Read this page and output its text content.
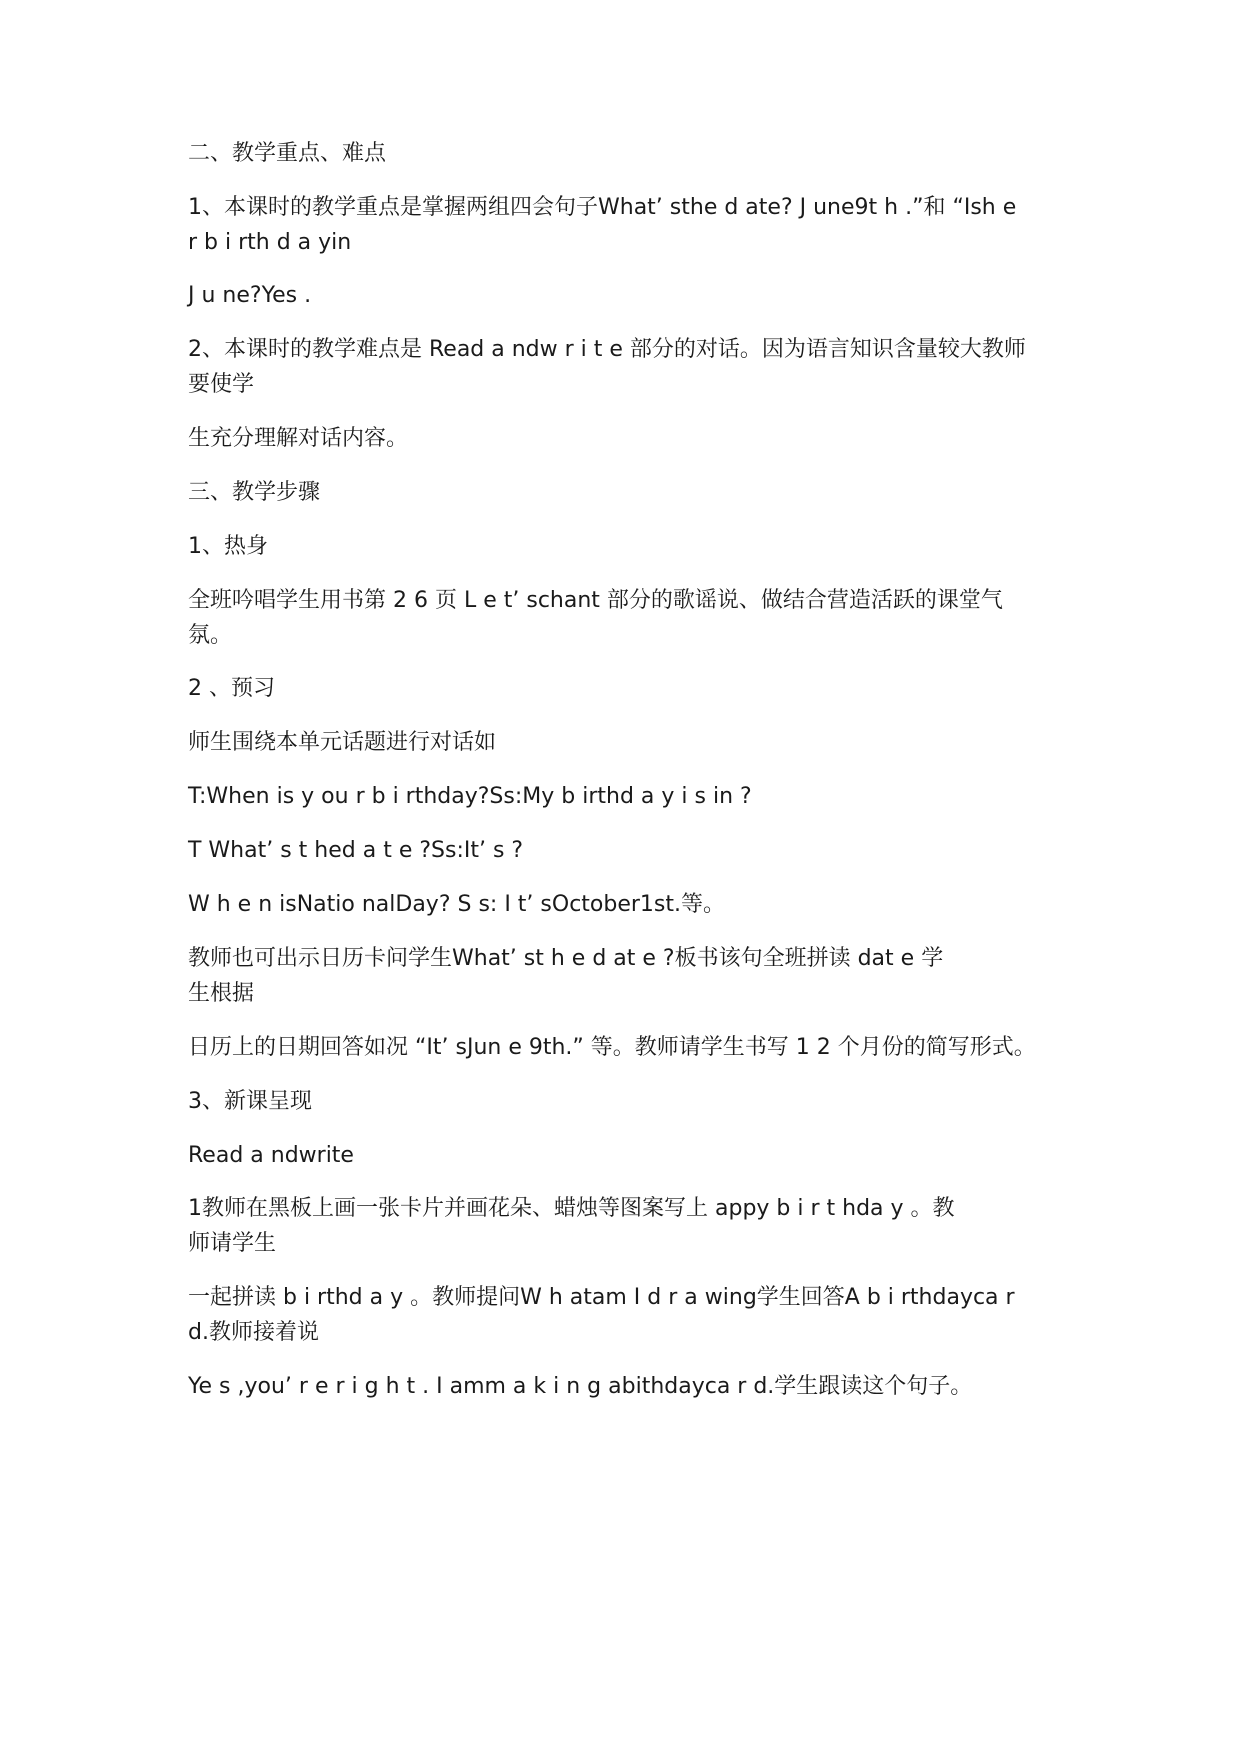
二、教学重点、难点
1、本课时的教学重点是掌握两组四会句子What’ sthe d ate? J une9t h .”和 “Ish e
r b i rth d a yin
J u ne?Yes .
2、本课时的教学难点是 Read a ndw r i t e 部分的对话。因为语言知识含量较大教师
要使学
生充分理解对话内容。
三、教学步骤
1、热身
全班吟唱学生用书第 2 6 页 L e t’ schant 部分的歌谣说、做结合营造活跃的课堂气
氛。
2 、预习
师生围绕本单元话题进行对话如
T:When is y ou r b i rthday?Ss:My b irthd a y i s in ?
T What’ s t hed a t e ?Ss:It’ s ?
W h e n isNatio nalDay? S s: I t’ sOctober1st.等。
教师也可出示日历卡问学生What’ st h e d at e ?板书该句全班拼读 dat e 学
生根据
日历上的日期回答如况 “It’ sJun e 9th.” 等。教师请学生书写 1 2 个月份的简写形式。
3、新课呈现
Read a ndwrite
1教师在黑板上画一张卡片并画花朵、蜡烛等图案写上 appy b i r t hda y 。教
师请学生
一起拼读 b i rthd a y 。教师提问W h atam I d r a wing学生回答A b i rthdayca r
d.教师接着说
Ye s ,you’ r e r i g h t . I amm a k i n g abithdayca r d.学生跟读这个句子。
